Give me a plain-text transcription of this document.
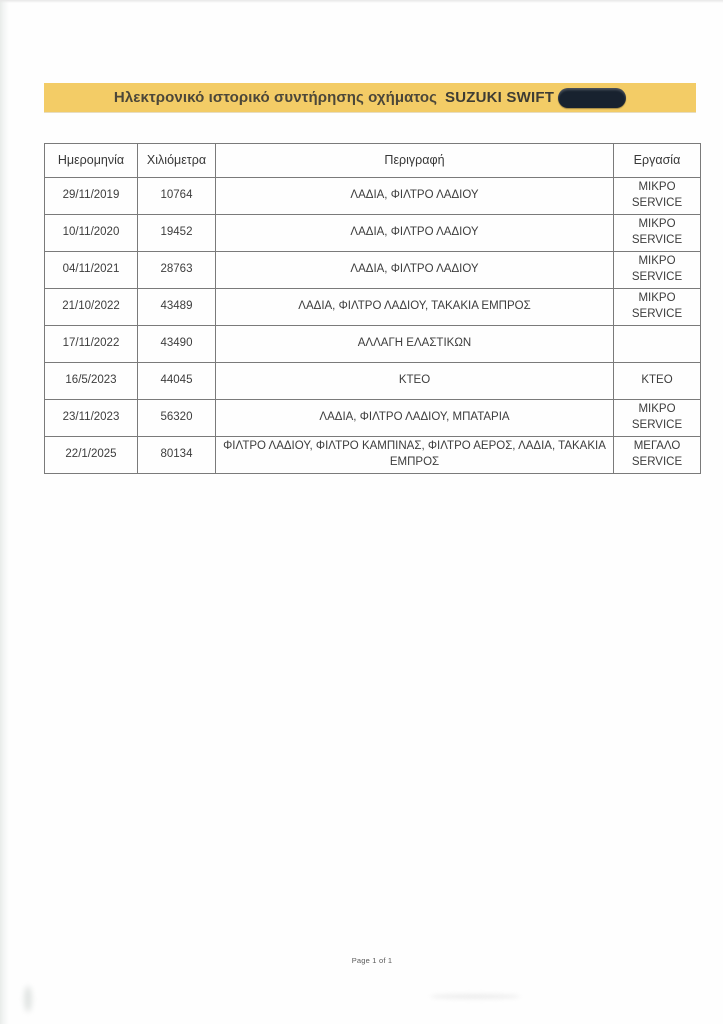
Ηλεκτρονικό ιστορικό συντήρησης οχήματος SUZUKI SWIFT
Ημερομηνία	Χιλιόμετρα	Περιγραφή	Εργασία
29/11/2019	10764	ΛΑΔΙΑ, ΦΙΛΤΡΟ ΛΑΔΙΟΥ	ΜΙΚΡΟ SERVICE
10/11/2020	19452	ΛΑΔΙΑ, ΦΙΛΤΡΟ ΛΑΔΙΟΥ	ΜΙΚΡΟ SERVICE
04/11/2021	28763	ΛΑΔΙΑ, ΦΙΛΤΡΟ ΛΑΔΙΟΥ	ΜΙΚΡΟ SERVICE
21/10/2022	43489	ΛΑΔΙΑ, ΦΙΛΤΡΟ ΛΑΔΙΟΥ, ΤΑΚΑΚΙΑ ΕΜΠΡΟΣ	ΜΙΚΡΟ SERVICE
17/11/2022	43490	ΑΛΛΑΓΗ ΕΛΑΣΤΙΚΩΝ	
16/5/2023	44045	ΚΤΕΟ	ΚΤΕΟ
23/11/2023	56320	ΛΑΔΙΑ, ΦΙΛΤΡΟ ΛΑΔΙΟΥ, ΜΠΑΤΑΡΙΑ	ΜΙΚΡΟ SERVICE
22/1/2025	80134	ΦΙΛΤΡΟ ΛΑΔΙΟΥ, ΦΙΛΤΡΟ ΚΑΜΠΙΝΑΣ, ΦΙΛΤΡΟ ΑΕΡΟΣ, ΛΑΔΙΑ, ΤΑΚΑΚΙΑ ΕΜΠΡΟΣ	ΜΕΓΑΛΟ SERVICE
Page 1 of 1
